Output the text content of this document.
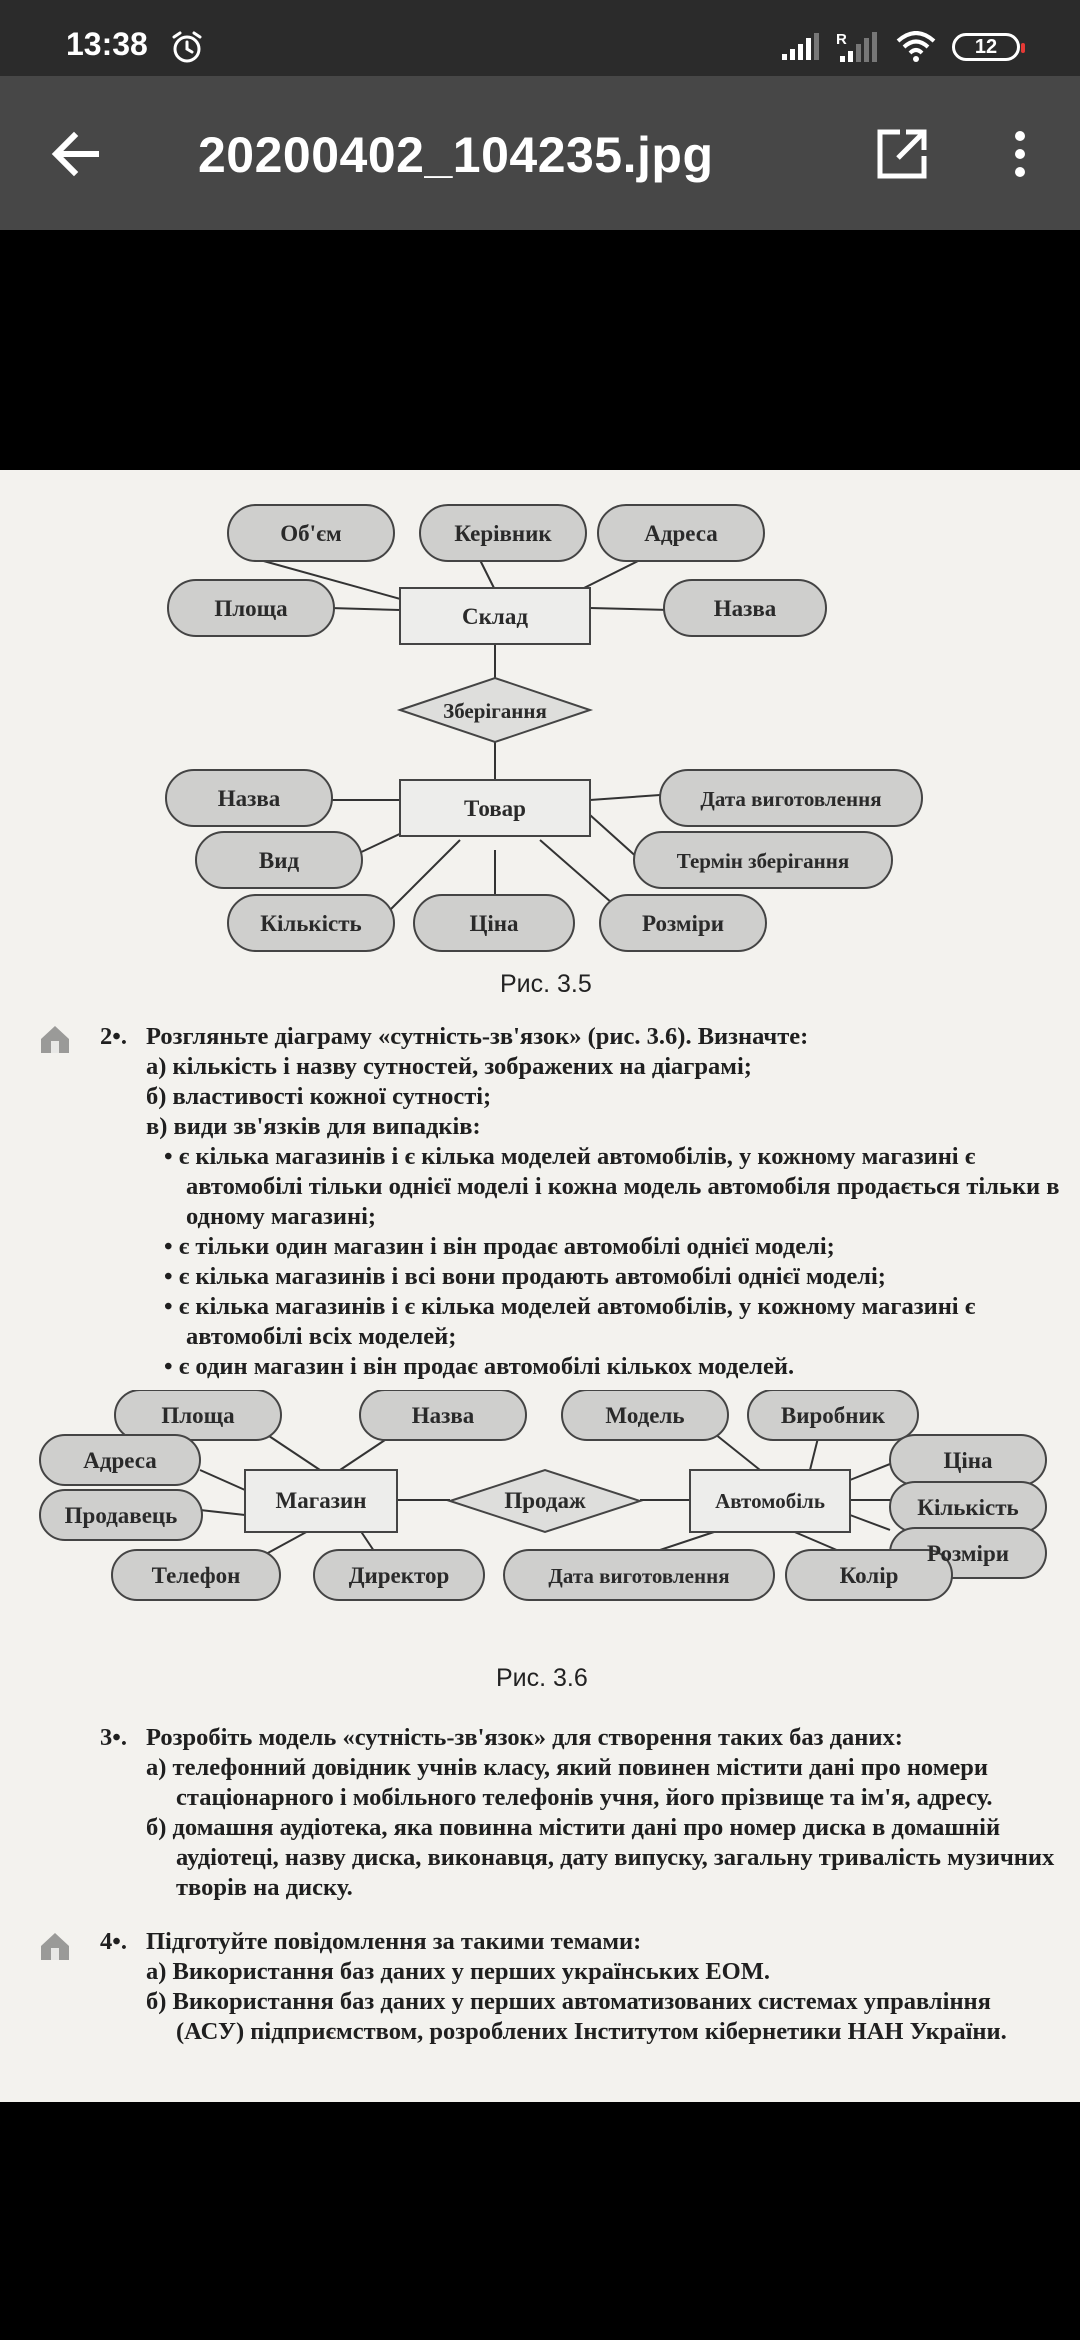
13:38	R	12
20200402_104235.jpg
Об'єм	Керівник	Адреса
Площа	Назва
Склад
Зберігання
Товар
Назва
Вид
Кількість	Ціна	Розміри
Дата виготовлення
Термін зберігання
Рис. 3.5
2•. Розгляньте діаграму «сутність-зв'язок» (рис. 3.6). Визначте:
а) кількість і назву сутностей, зображених на діаграмі;
б) властивості кожної сутності;
в) види зв'язків для випадків:
• є кілька магазинів і є кілька моделей автомобілів, у кожному магазині є автомобілі тільки однієї моделі і кожна модель автомобіля продається тільки в одному магазині;
• є тільки один магазин і він продає автомобілі однієї моделі;
• є кілька магазинів і всі вони продають автомобілі однієї моделі;
• є кілька магазинів і є кілька моделей автомобілів, у кожному магазині є автомобілі всіх моделей;
• є один магазин і він продає автомобілі кількох моделей.
Площа	Назва
Адреса
Продавець
Телефон	Директор
Магазин	Продаж	Автомобіль
Модель	Виробник
Ціна
Кількість
Розміри
Дата виготовлення	Колір
Рис. 3.6
3•. Розробіть модель «сутність-зв'язок» для створення таких баз даних:
а) телефонний довідник учнів класу, який повинен містити дані про номери стаціонарного і мобільного телефонів учня, його прізвище та ім'я, адресу.
б) домашня аудіотека, яка повинна містити дані про номер диска в домашній аудіотеці, назву диска, виконавця, дату випуску, загальну тривалість музичних творів на диску.
4•. Підготуйте повідомлення за такими темами:
а) Використання баз даних у перших українських ЕОМ.
б) Використання баз даних у перших автоматизованих системах управління (АСУ) підприємством, розроблених Інститутом кібернетики НАН України.
